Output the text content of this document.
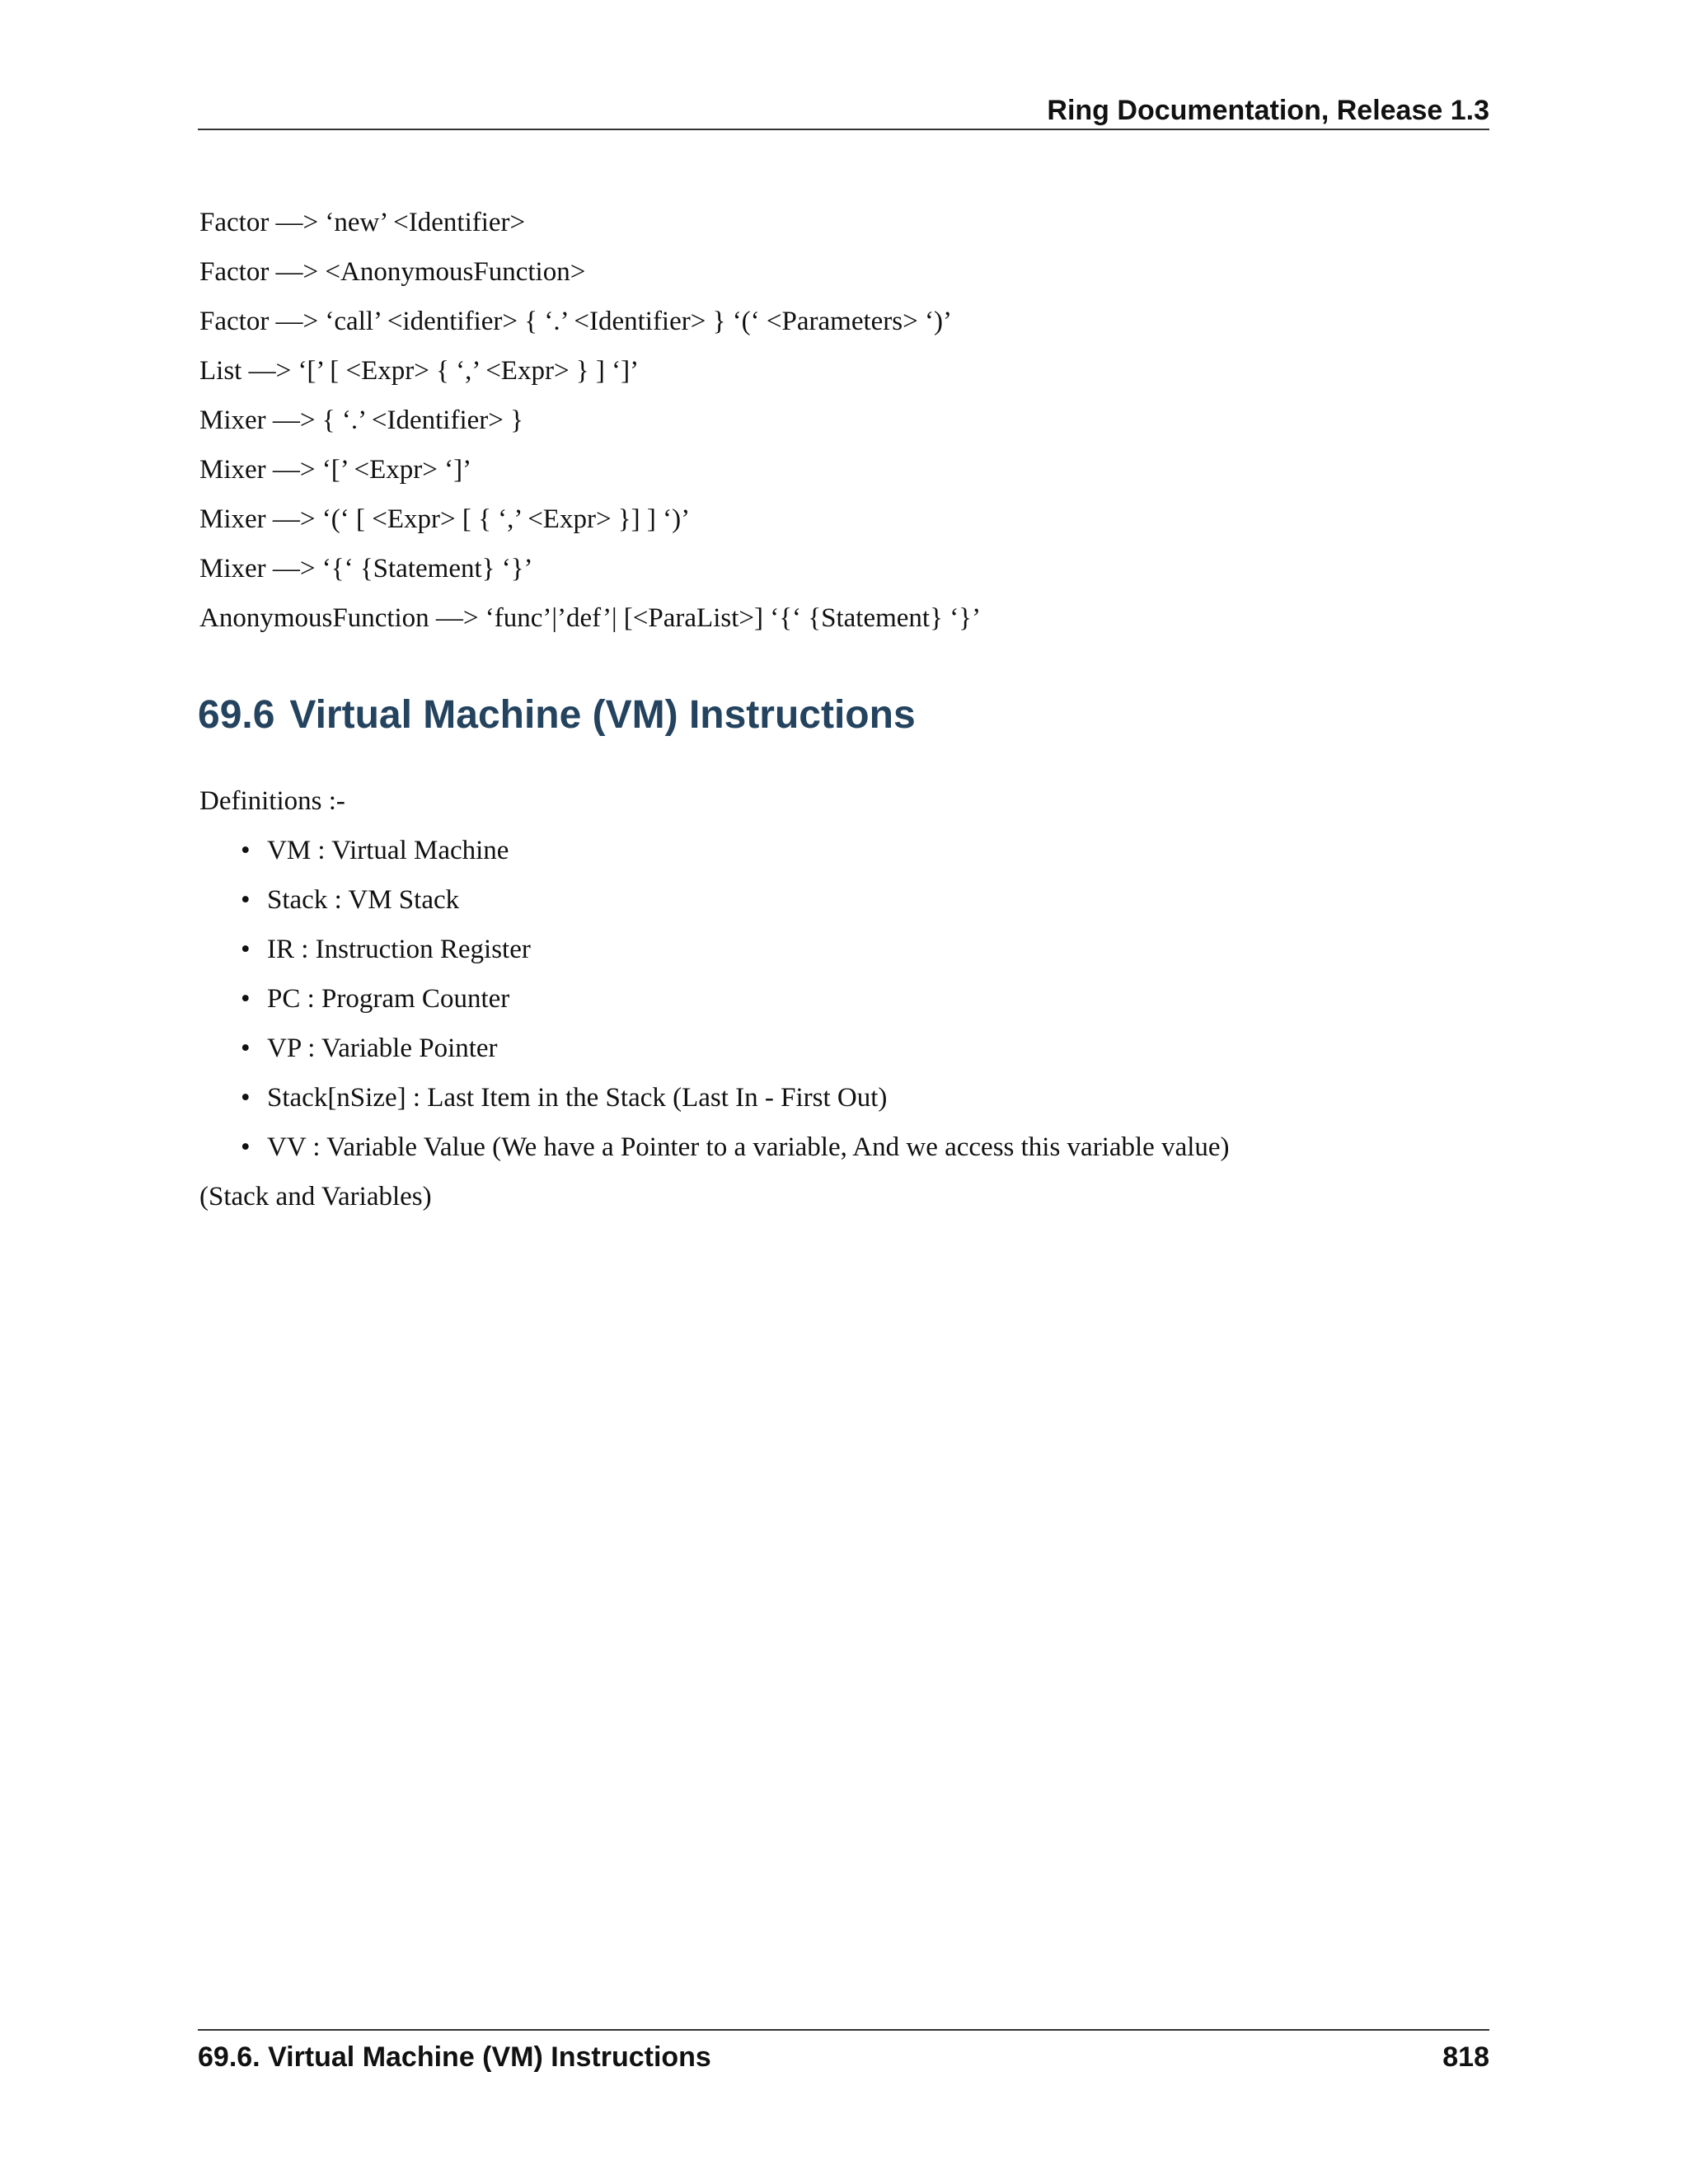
Ring Documentation, Release 1.3
Factor —> ‘new’ <Identifier>
Factor —> <AnonymousFunction>
Factor —> ‘call’ <identifier> { ‘.’ <Identifier> } ‘(‘ <Parameters> ‘)’
List —> ‘[’ [ <Expr> { ‘,’ <Expr> } ] ‘]’
Mixer —> { ‘.’ <Identifier> }
Mixer —> ‘[’ <Expr> ‘]’
Mixer —> ‘(‘ [ <Expr> [ { ‘,’ <Expr> }] ] ‘)’
Mixer —> ‘{‘ {Statement} ‘}’
AnonymousFunction —> ‘func’|’def’| [<ParaList>] ‘{‘ {Statement} ‘}’
69.6 Virtual Machine (VM) Instructions
Definitions :-
• VM : Virtual Machine
• Stack : VM Stack
• IR : Instruction Register
• PC : Program Counter
• VP : Variable Pointer
• Stack[nSize] : Last Item in the Stack (Last In - First Out)
• VV : Variable Value (We have a Pointer to a variable, And we access this variable value)
(Stack and Variables)
69.6. Virtual Machine (VM) Instructions	818
